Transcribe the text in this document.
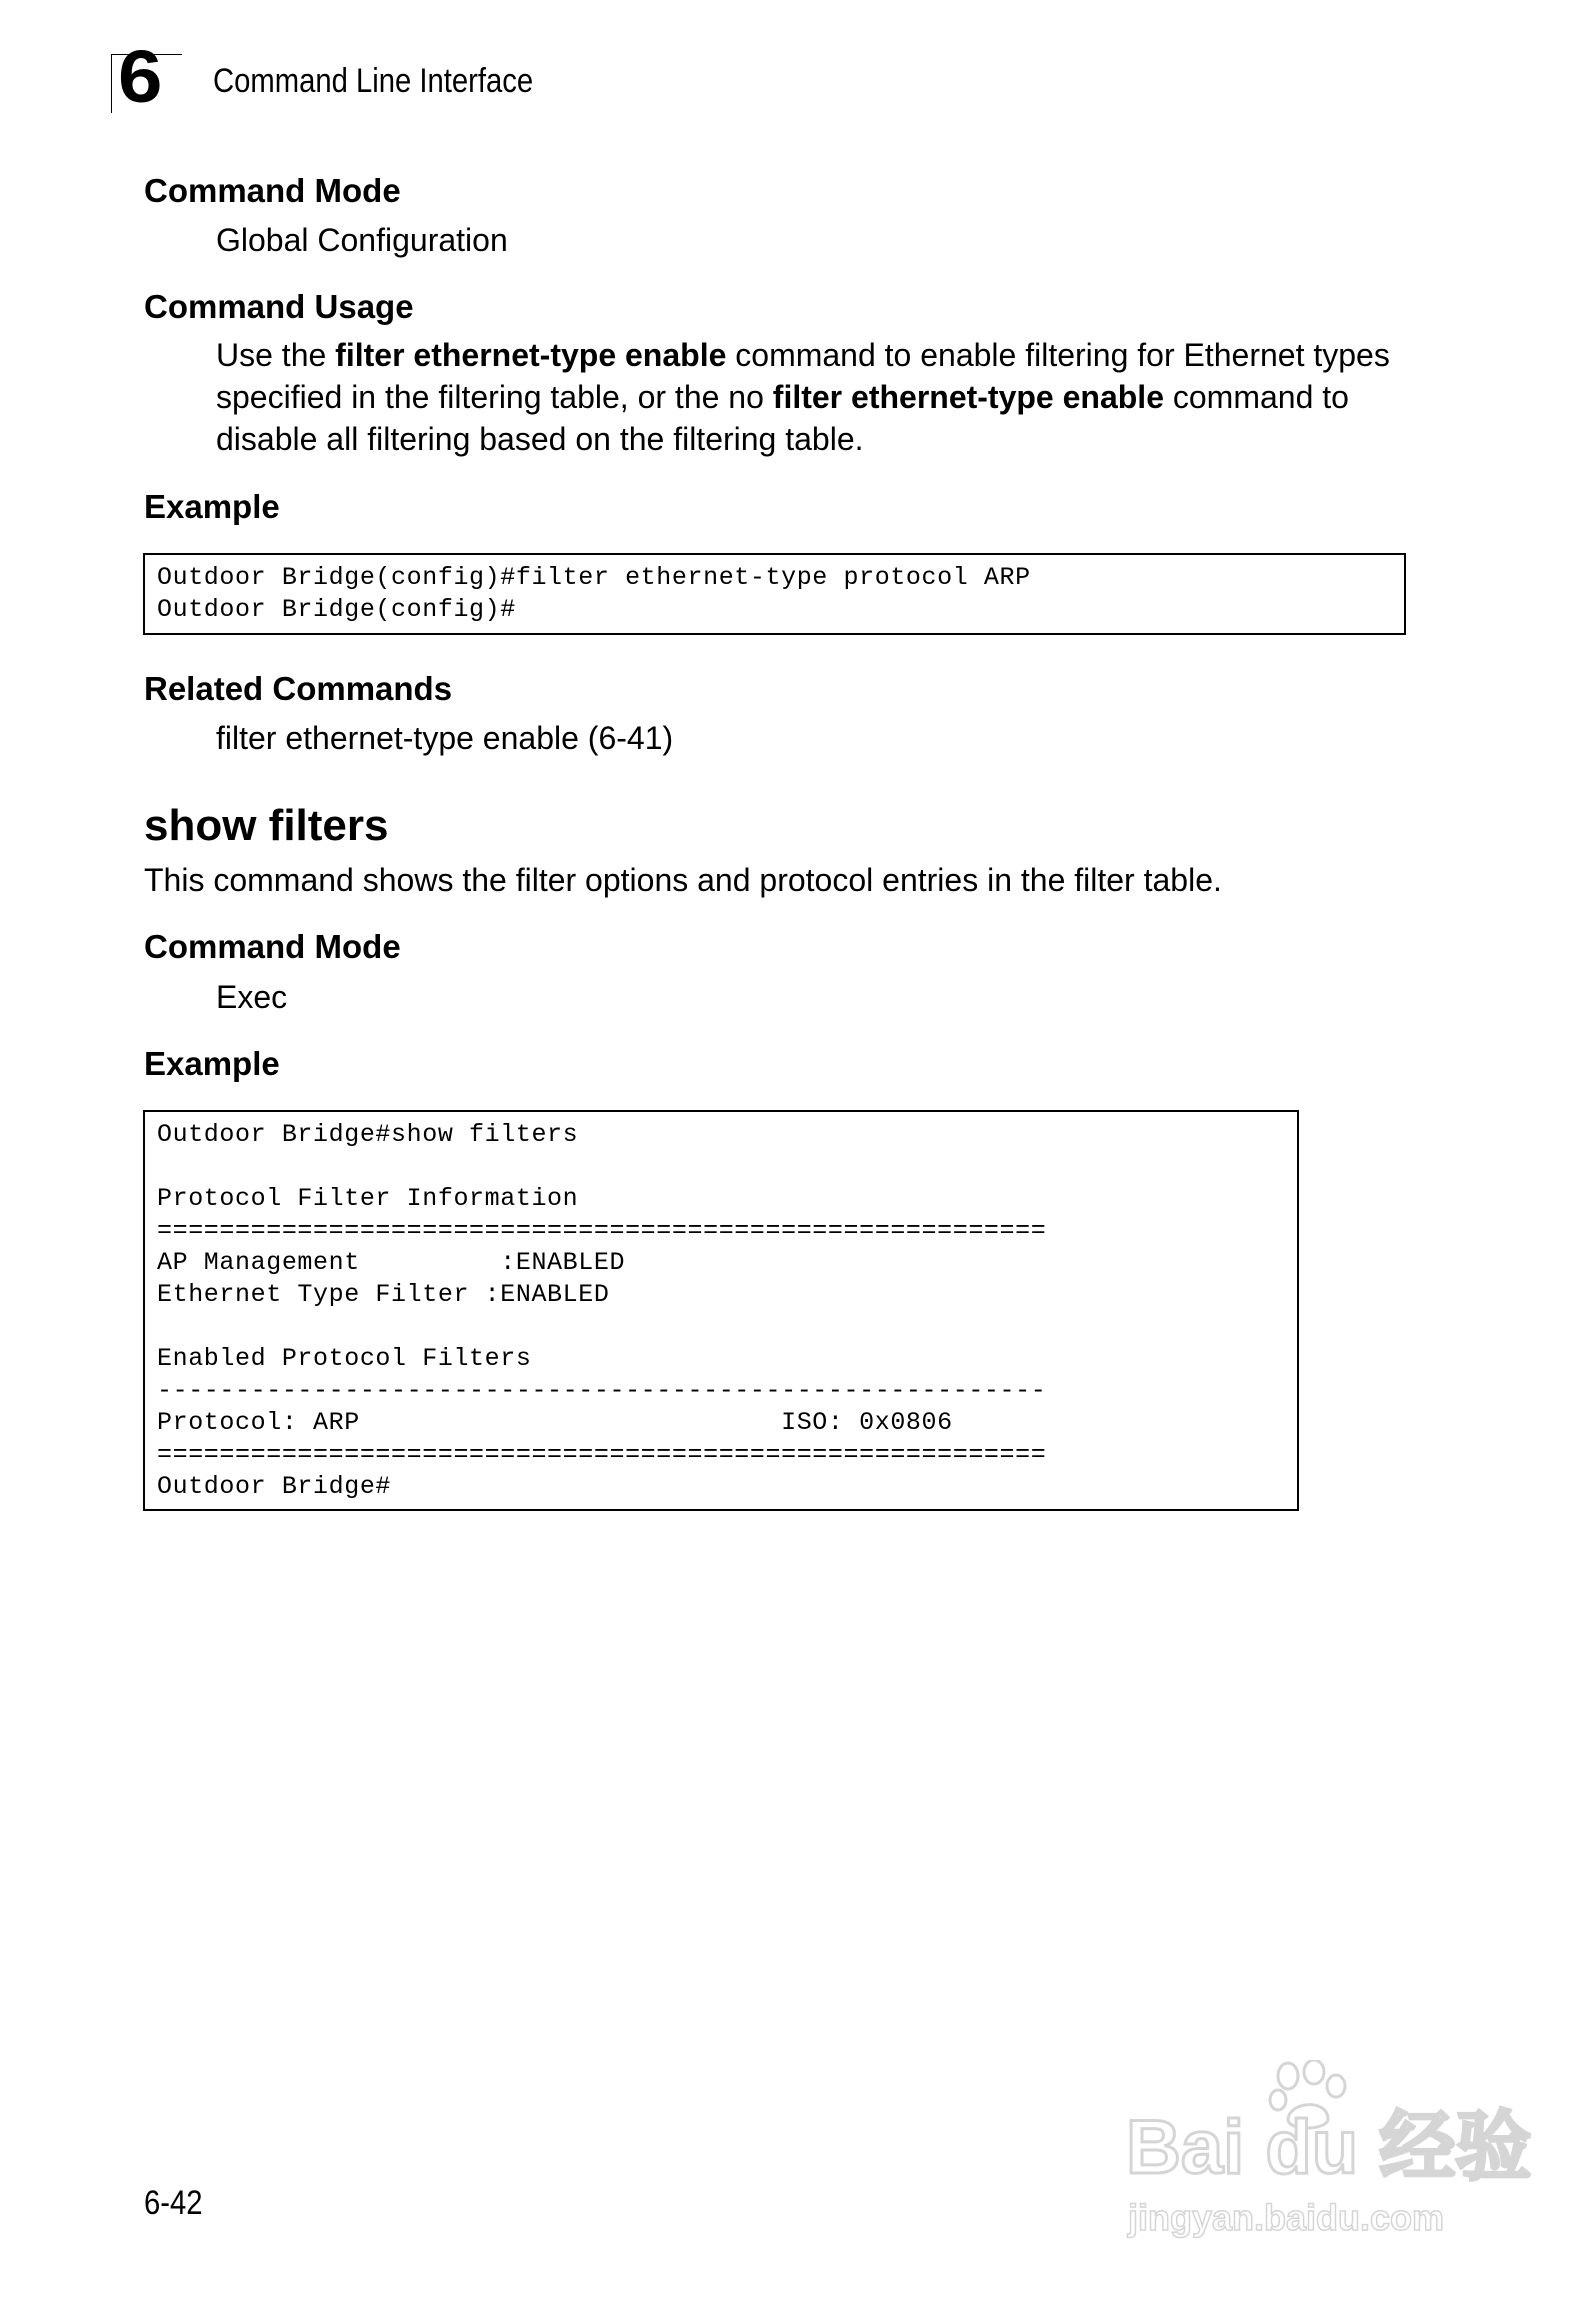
6 Command Line Interface
Command Mode
Global Configuration
Command Usage
Use the filter ethernet-type enable command to enable filtering for Ethernet types specified in the filtering table, or the no filter ethernet-type enable command to disable all filtering based on the filtering table.
Example
Outdoor Bridge(config)#filter ethernet-type protocol ARP
Outdoor Bridge(config)#
Related Commands
filter ethernet-type enable (6-41)
show filters
This command shows the filter options and protocol entries in the filter table.
Command Mode
Exec
Example
Outdoor Bridge#show filters
Protocol Filter Information
=========================================================
AP Management         :ENABLED
Ethernet Type Filter :ENABLED
Enabled Protocol Filters
---------------------------------------------------------
Protocol: ARP                           ISO: 0x0806
=========================================================
Outdoor Bridge#
6-42
Bai du 经验
jingyan.baidu.com
